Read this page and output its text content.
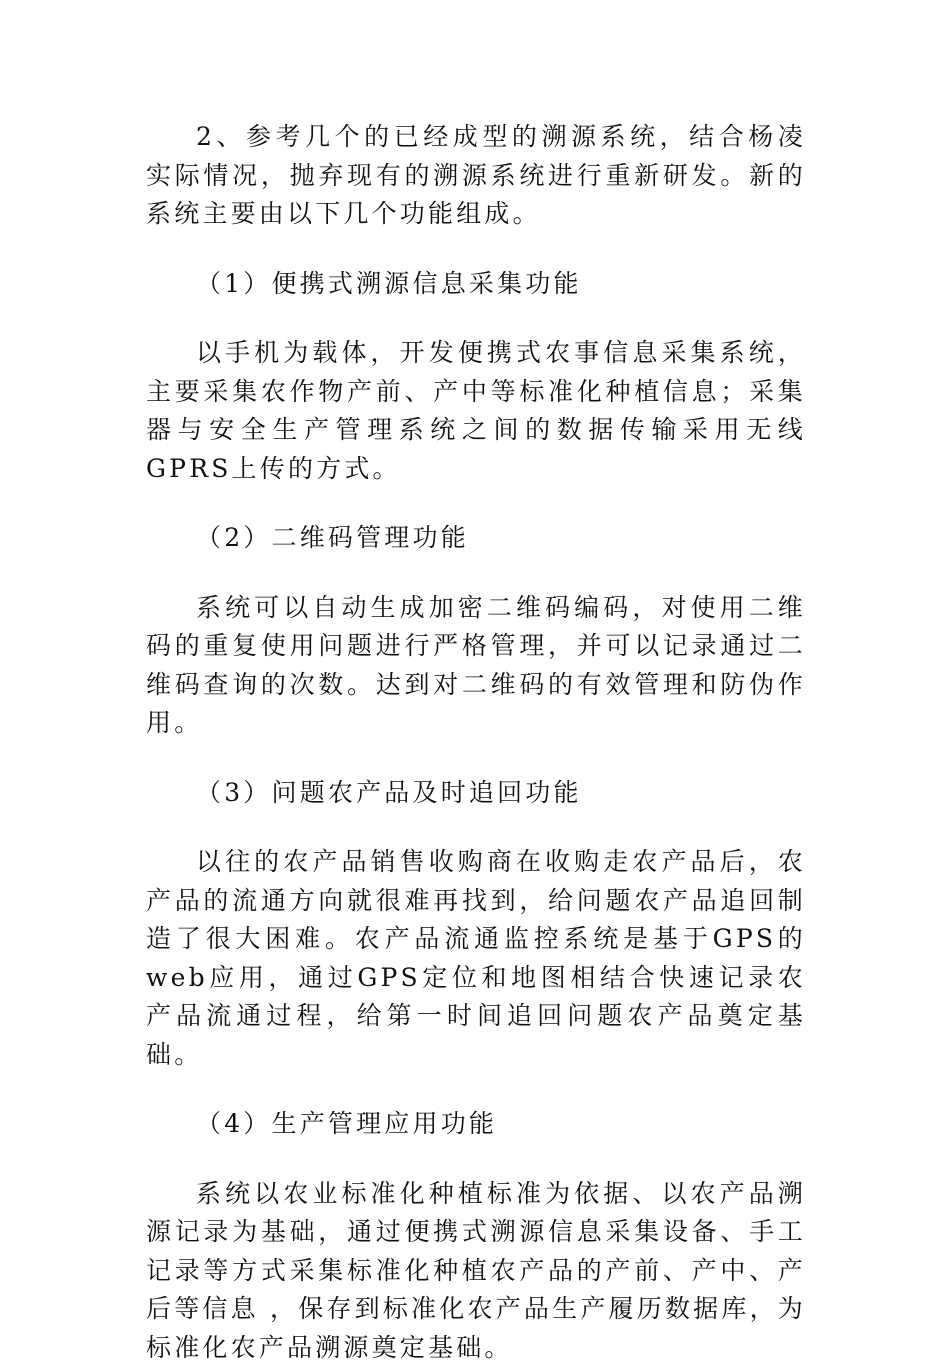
2、参考几个的已经成型的溯源系统，结合杨凌实际情况，抛弃现有的溯源系统进行重新研发。新的系统主要由以下几个功能组成。

（1）便携式溯源信息采集功能

以手机为载体，开发便携式农事信息采集系统，主要采集农作物产前、产中等标准化种植信息；采集器与安全生产管理系统之间的数据传输采用无线GPRS上传的方式。

（2）二维码管理功能

系统可以自动生成加密二维码编码，对使用二维码的重复使用问题进行严格管理，并可以记录通过二维码查询的次数。达到对二维码的有效管理和防伪作用。

（3）问题农产品及时追回功能

以往的农产品销售收购商在收购走农产品后，农产品的流通方向就很难再找到，给问题农产品追回制造了很大困难。农产品流通监控系统是基于GPS的web应用，通过GPS定位和地图相结合快速记录农产品流通过程，给第一时间追回问题农产品奠定基础。

（4）生产管理应用功能

系统以农业标准化种植标准为依据、以农产品溯源记录为基础，通过便携式溯源信息采集设备、手工记录等方式采集标准化种植农产品的产前、产中、产后等信息 ，保存到标准化农产品生产履历数据库，为标准化农产品溯源奠定基础。
